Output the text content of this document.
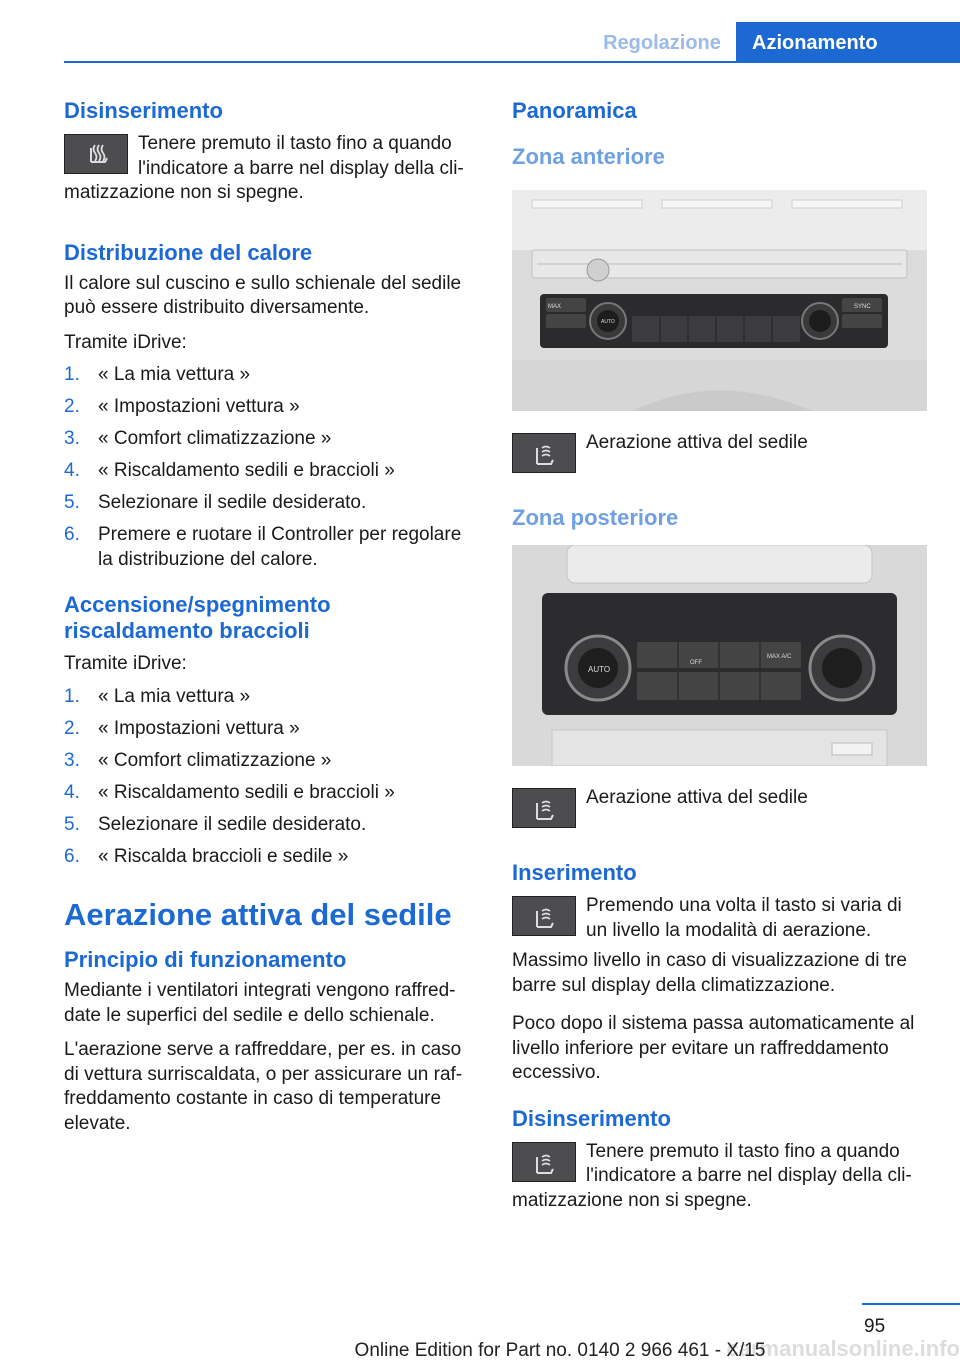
Regolazione	Azionamento
Disinserimento
Tenere premuto il tasto fino a quando l'indicatore a barre nel display della cli-

matizzazione non si spegne.

Distribuzione del calore

Il calore sul cuscino e sullo schienale del sedile può essere distribuito diversamente.

Tramite iDrive:

1. « La mia vettura »
2. « Impostazioni vettura »
3. « Comfort climatizzazione »
4. « Riscaldamento sedili e braccioli »
5. Selezionare il sedile desiderato.
6. Premere e ruotare il Controller per regolare la distribuzione del calore.
Accensione/spegnimento riscaldamento braccioli

Tramite iDrive:

1. « La mia vettura »
2. « Impostazioni vettura »
3. « Comfort climatizzazione »
4. « Riscaldamento sedili e braccioli »
5. Selezionare il sedile desiderato.
6. « Riscalda braccioli e sedile »
Aerazione attiva del sedile
Principio di funzionamento

Mediante i ventilatori integrati vengono raffred-date le superfici del sedile e dello schienale.

L'aerazione serve a raffreddare, per es. in caso di vettura surriscaldata, o per assicurare un raf-freddamento costante in caso di temperature elevate.

Panoramica
Zona anteriore
MAX	SYNC
AUTO
Aerazione attiva del sedile
Zona posteriore
AUTO
OFF
MAX A/C
Aerazione attiva del sedile
Inserimento
Premendo una volta il tasto si varia di un livello la modalità di aerazione.

Massimo livello in caso di visualizzazione di tre barre sul display della climatizzazione.

Poco dopo il sistema passa automaticamente al livello inferiore per evitare un raffreddamento eccessivo.

Disinserimento
Tenere premuto il tasto fino a quando l'indicatore a barre nel display della cli-

matizzazione non si spegne.

95
carmanualsonline.info
Online Edition for Part no. 0140 2 966 461 - X/15
